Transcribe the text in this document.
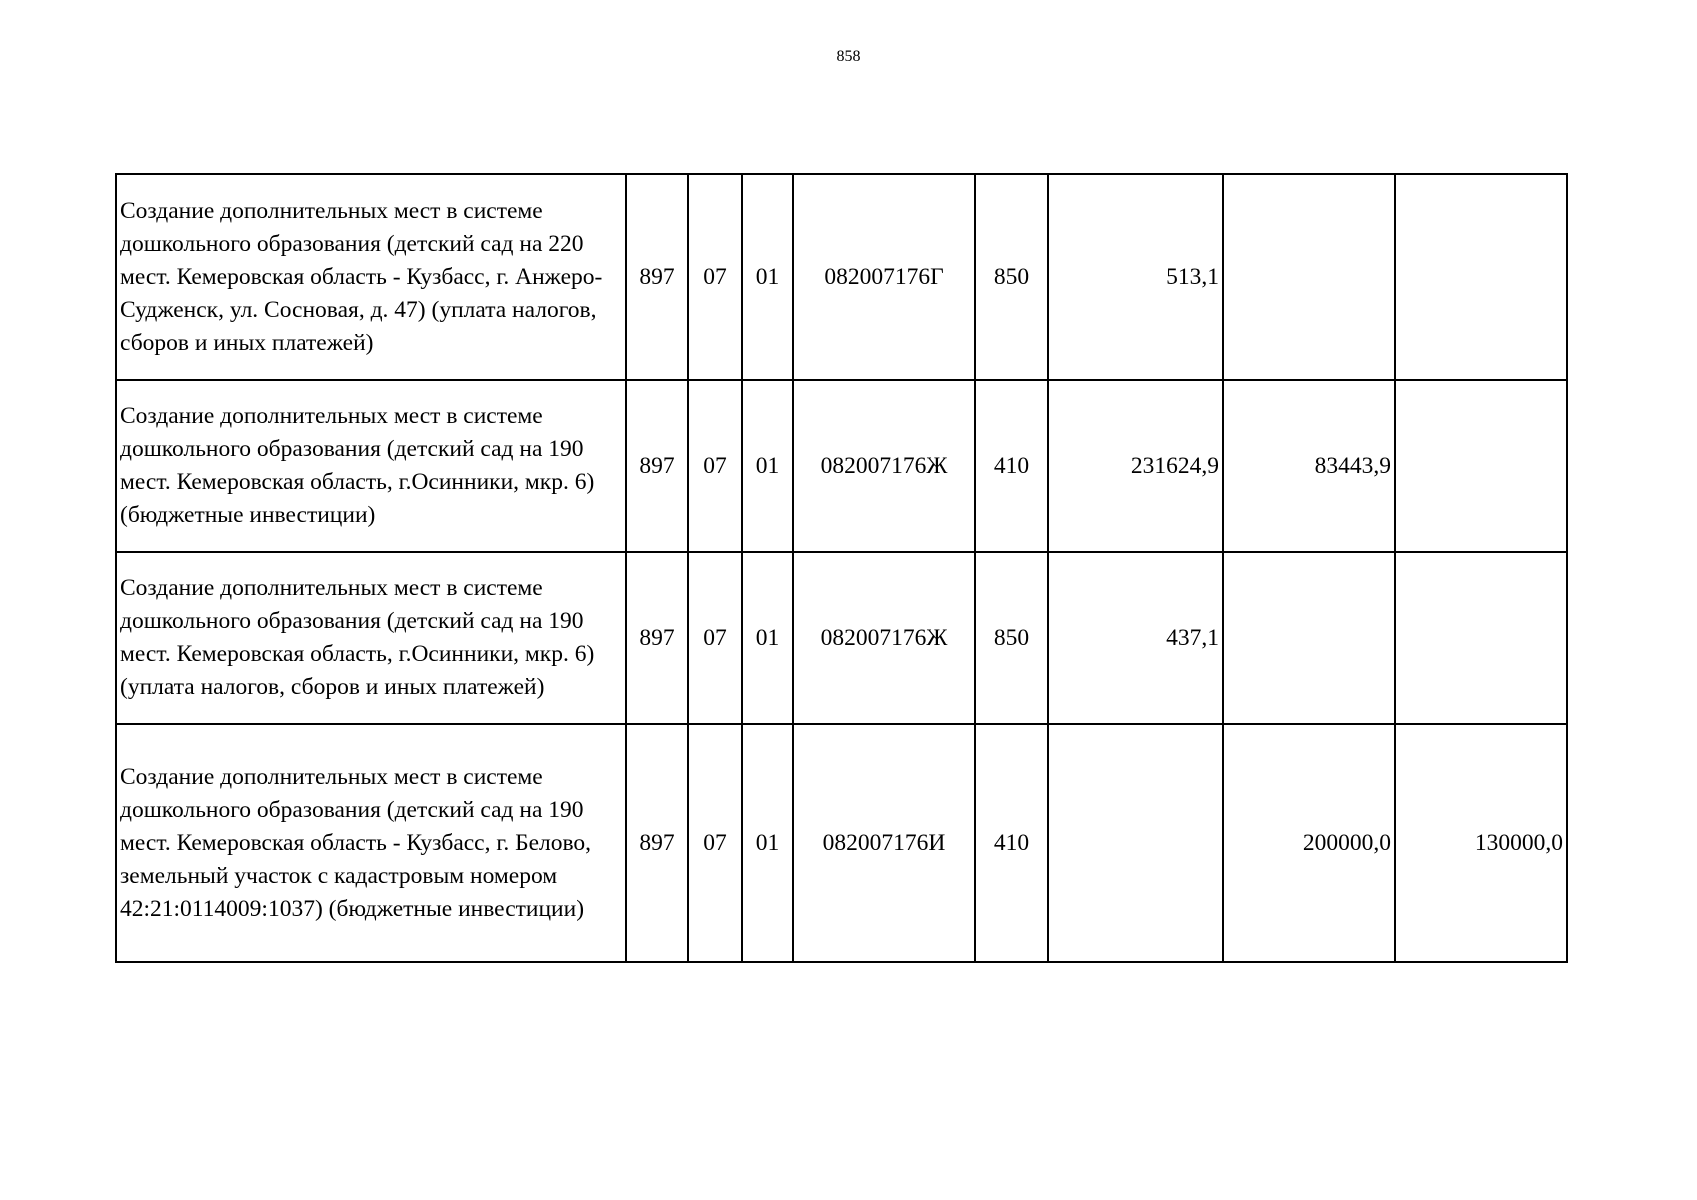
858
Создание дополнительных мест в системе дошкольного образования (детский сад на 220 мест. Кемеровская область - Кузбасс, г. Анжеро-Судженск, ул. Сосновая, д. 47) (уплата налогов, сборов и иных платежей)	897	07	01	082007176Г	850	513,1		
Создание дополнительных мест в системе дошкольного образования (детский сад на 190 мест. Кемеровская область, г.Осинники, мкр. 6) (бюджетные инвестиции)	897	07	01	082007176Ж	410	231624,9	83443,9	
Создание дополнительных мест в системе дошкольного образования (детский сад на 190 мест. Кемеровская область, г.Осинники, мкр. 6) (уплата налогов, сборов и иных платежей)	897	07	01	082007176Ж	850	437,1		
Создание дополнительных мест в системе дошкольного образования (детский сад на 190 мест. Кемеровская область - Кузбасс, г. Белово, земельный участок с кадастровым номером 42:21:0114009:1037) (бюджетные инвестиции)	897	07	01	082007176И	410		200000,0	130000,0
